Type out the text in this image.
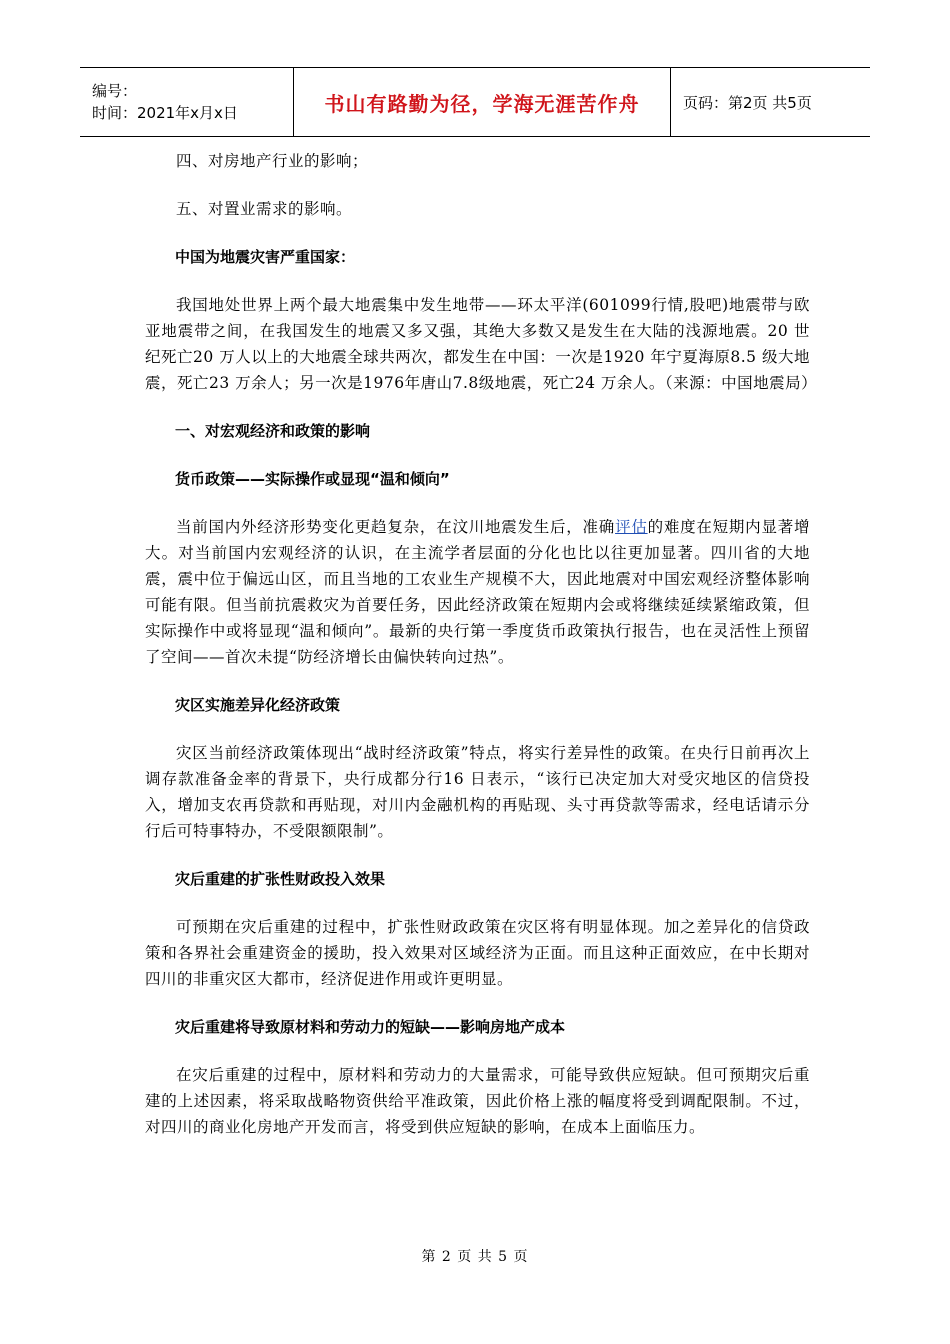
编号：
时间：2021年x月x日	书山有路勤为径，学海无涯苦作舟	页码：第2页 共5页

四、对房地产行业的影响；

五、对置业需求的影响。

中国为地震灾害严重国家：

我国地处世界上两个最大地震集中发生地带——环太平洋(601099行情,股吧)地震带与欧亚地震带之间，在我国发生的地震又多又强，其绝大多数又是发生在大陆的浅源地震。20 世纪死亡20 万人以上的大地震全球共两次，都发生在中国：一次是1920 年宁夏海原8.5 级大地震，死亡23 万余人；另一次是1976年唐山7.8级地震，死亡24 万余人。（来源：中国地震局）

一、对宏观经济和政策的影响

货币政策——实际操作或显现“温和倾向”

当前国内外经济形势变化更趋复杂，在汶川地震发生后，准确评估的难度在短期内显著增大。对当前国内宏观经济的认识，在主流学者层面的分化也比以往更加显著。四川省的大地震，震中位于偏远山区，而且当地的工农业生产规模不大，因此地震对中国宏观经济整体影响可能有限。但当前抗震救灾为首要任务，因此经济政策在短期内会或将继续延续紧缩政策，但实际操作中或将显现“温和倾向”。最新的央行第一季度货币政策执行报告，也在灵活性上预留了空间——首次未提“防经济增长由偏快转向过热”。

灾区实施差异化经济政策

灾区当前经济政策体现出“战时经济政策”特点，将实行差异性的政策。在央行日前再次上调存款准备金率的背景下，央行成都分行16 日表示，“该行已决定加大对受灾地区的信贷投入，增加支农再贷款和再贴现，对川内金融机构的再贴现、头寸再贷款等需求，经电话请示分行后可特事特办，不受限额限制”。

灾后重建的扩张性财政投入效果

可预期在灾后重建的过程中，扩张性财政政策在灾区将有明显体现。加之差异化的信贷政策和各界社会重建资金的援助，投入效果对区域经济为正面。而且这种正面效应，在中长期对四川的非重灾区大都市，经济促进作用或许更明显。

灾后重建将导致原材料和劳动力的短缺——影响房地产成本

在灾后重建的过程中，原材料和劳动力的大量需求，可能导致供应短缺。但可预期灾后重建的上述因素，将采取战略物资供给平准政策，因此价格上涨的幅度将受到调配限制。不过，对四川的商业化房地产开发而言，将受到供应短缺的影响，在成本上面临压力。

第 2 页 共 5 页
